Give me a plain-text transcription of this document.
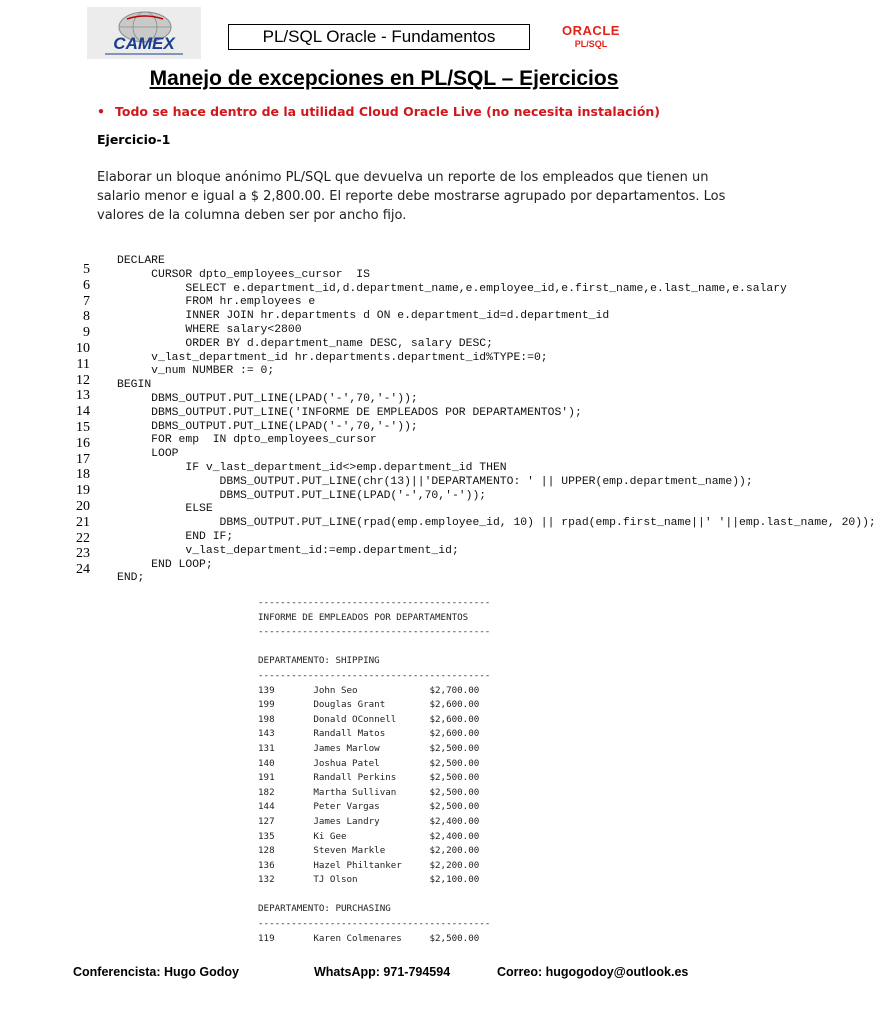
CAMEX	PL/SQL Oracle - Fundamentos	ORACLE
PL/SQL
Manejo de excepciones en PL/SQL – Ejercicios
• Todo se hace dentro de la utilidad Cloud Oracle Live (no necesita instalación)
Ejercicio-1

Elaborar un bloque anónimo PL/SQL que devuelva un reporte de los empleados que tienen un

salario menor e igual a $ 2,800.00. El reporte debe mostrarse agrupado por departamentos. Los

valores de la columna deben ser por ancho fijo.

5
6
7
8
9
10
11
12
13
14
15
16
17
18
19
20
21
22
23
24
DECLARE
CURSOR dpto_employees_cursor  IS
SELECT e.department_id,d.department_name,e.employee_id,e.first_name,e.last_name,e.salary
FROM hr.employees e
INNER JOIN hr.departments d ON e.department_id=d.department_id
WHERE salary<2800
ORDER BY d.department_name DESC, salary DESC;
v_last_department_id hr.departments.department_id%TYPE:=0;
v_num NUMBER := 0;
BEGIN
DBMS_OUTPUT.PUT_LINE(LPAD('-',70,'-'));
DBMS_OUTPUT.PUT_LINE('INFORME DE EMPLEADOS POR DEPARTAMENTOS');
DBMS_OUTPUT.PUT_LINE(LPAD('-',70,'-'));
FOR emp  IN dpto_employees_cursor
LOOP
IF v_last_department_id<>emp.department_id THEN
DBMS_OUTPUT.PUT_LINE(chr(13)||'DEPARTAMENTO: ' || UPPER(emp.department_name));
DBMS_OUTPUT.PUT_LINE(LPAD('-',70,'-'));
ELSE
DBMS_OUTPUT.PUT_LINE(rpad(emp.employee_id, 10) || rpad(emp.first_name||' '||emp.last_name, 20));
END IF;
v_last_department_id:=emp.department_id;
END LOOP;
END;
------------------------------------------
INFORME DE EMPLEADOS POR DEPARTAMENTOS
------------------------------------------
DEPARTAMENTO: SHIPPING
------------------------------------------
139       John Seo             $2,700.00
199       Douglas Grant        $2,600.00
198       Donald OConnell      $2,600.00
143       Randall Matos        $2,600.00
131       James Marlow         $2,500.00
140       Joshua Patel         $2,500.00
191       Randall Perkins      $2,500.00
182       Martha Sullivan      $2,500.00
144       Peter Vargas         $2,500.00
127       James Landry         $2,400.00
135       Ki Gee               $2,400.00
128       Steven Markle        $2,200.00
136       Hazel Philtanker     $2,200.00
132       TJ Olson             $2,100.00
DEPARTAMENTO: PURCHASING
------------------------------------------
119       Karen Colmenares     $2,500.00
Conferencista: Hugo Godoy	WhatsApp: 971-794594	Correo: hugogodoy@outlook.es
